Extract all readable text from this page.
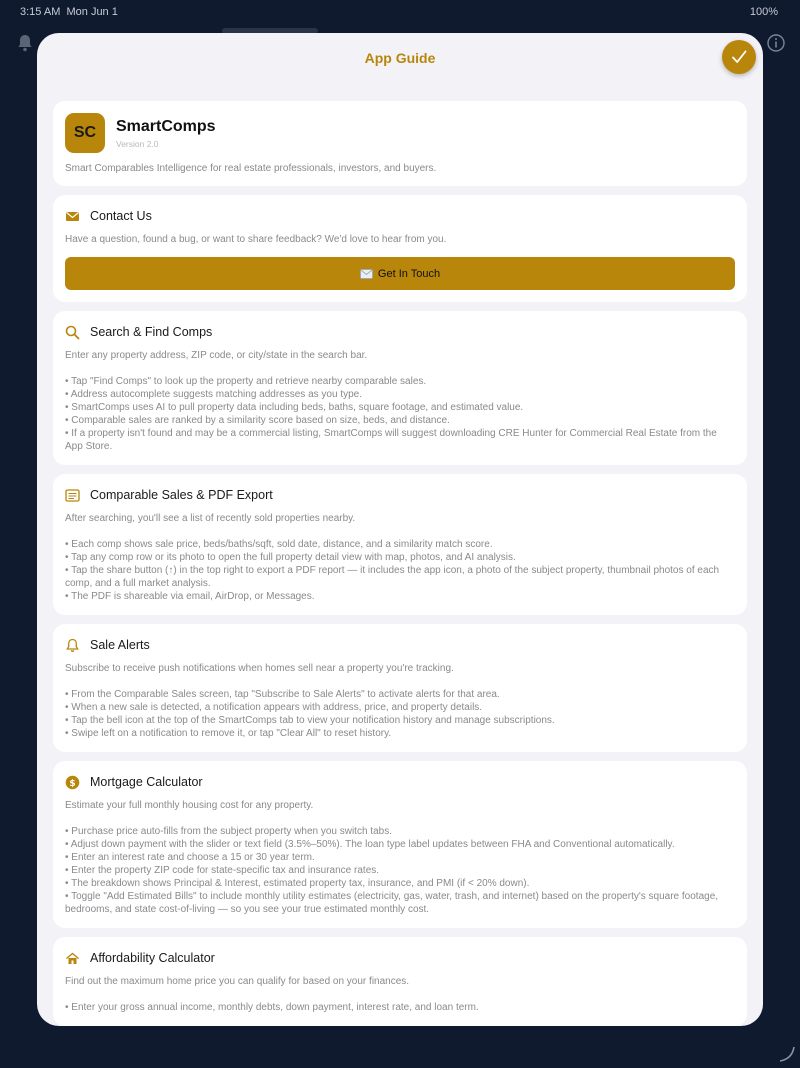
3:15 AM Mon Jun 1	100%
App Guide
SC	SmartComps
Version 2.0
Smart Comparables Intelligence for real estate professionals, investors, and buyers.
Contact Us
Have a question, found a bug, or want to share feedback? We'd love to hear from you.
Get In Touch
Search & Find Comps
Enter any property address, ZIP code, or city/state in the search bar.
• Tap "Find Comps" to look up the property and retrieve nearby comparable sales.
• Address autocomplete suggests matching addresses as you type.
• SmartComps uses AI to pull property data including beds, baths, square footage, and estimated value.
• Comparable sales are ranked by a similarity score based on size, beds, and distance.
• If a property isn't found and may be a commercial listing, SmartComps will suggest downloading CRE Hunter for Commercial Real Estate from the App Store.
Comparable Sales & PDF Export
After searching, you'll see a list of recently sold properties nearby.
• Each comp shows sale price, beds/baths/sqft, sold date, distance, and a similarity match score.
• Tap any comp row or its photo to open the full property detail view with map, photos, and AI analysis.
• Tap the share button (↑) in the top right to export a PDF report — it includes the app icon, a photo of the subject property, thumbnail photos of each comp, and a full market analysis.
• The PDF is shareable via email, AirDrop, or Messages.
Sale Alerts
Subscribe to receive push notifications when homes sell near a property you're tracking.
• From the Comparable Sales screen, tap "Subscribe to Sale Alerts" to activate alerts for that area.
• When a new sale is detected, a notification appears with address, price, and property details.
• Tap the bell icon at the top of the SmartComps tab to view your notification history and manage subscriptions.
• Swipe left on a notification to remove it, or tap "Clear All" to reset history.
$ Mortgage Calculator
Estimate your full monthly housing cost for any property.
• Purchase price auto-fills from the subject property when you switch tabs.
• Adjust down payment with the slider or text field (3.5%–50%). The loan type label updates between FHA and Conventional automatically.
• Enter an interest rate and choose a 15 or 30 year term.
• Enter the property ZIP code for state-specific tax and insurance rates.
• The breakdown shows Principal & Interest, estimated property tax, insurance, and PMI (if < 20% down).
• Toggle "Add Estimated Bills" to include monthly utility estimates (electricity, gas, water, trash, and internet) based on the property's square footage, bedrooms, and state cost-of-living — so you see your true estimated monthly cost.
Affordability Calculator
Find out the maximum home price you can qualify for based on your finances.
• Enter your gross annual income, monthly debts, down payment, interest rate, and loan term.
